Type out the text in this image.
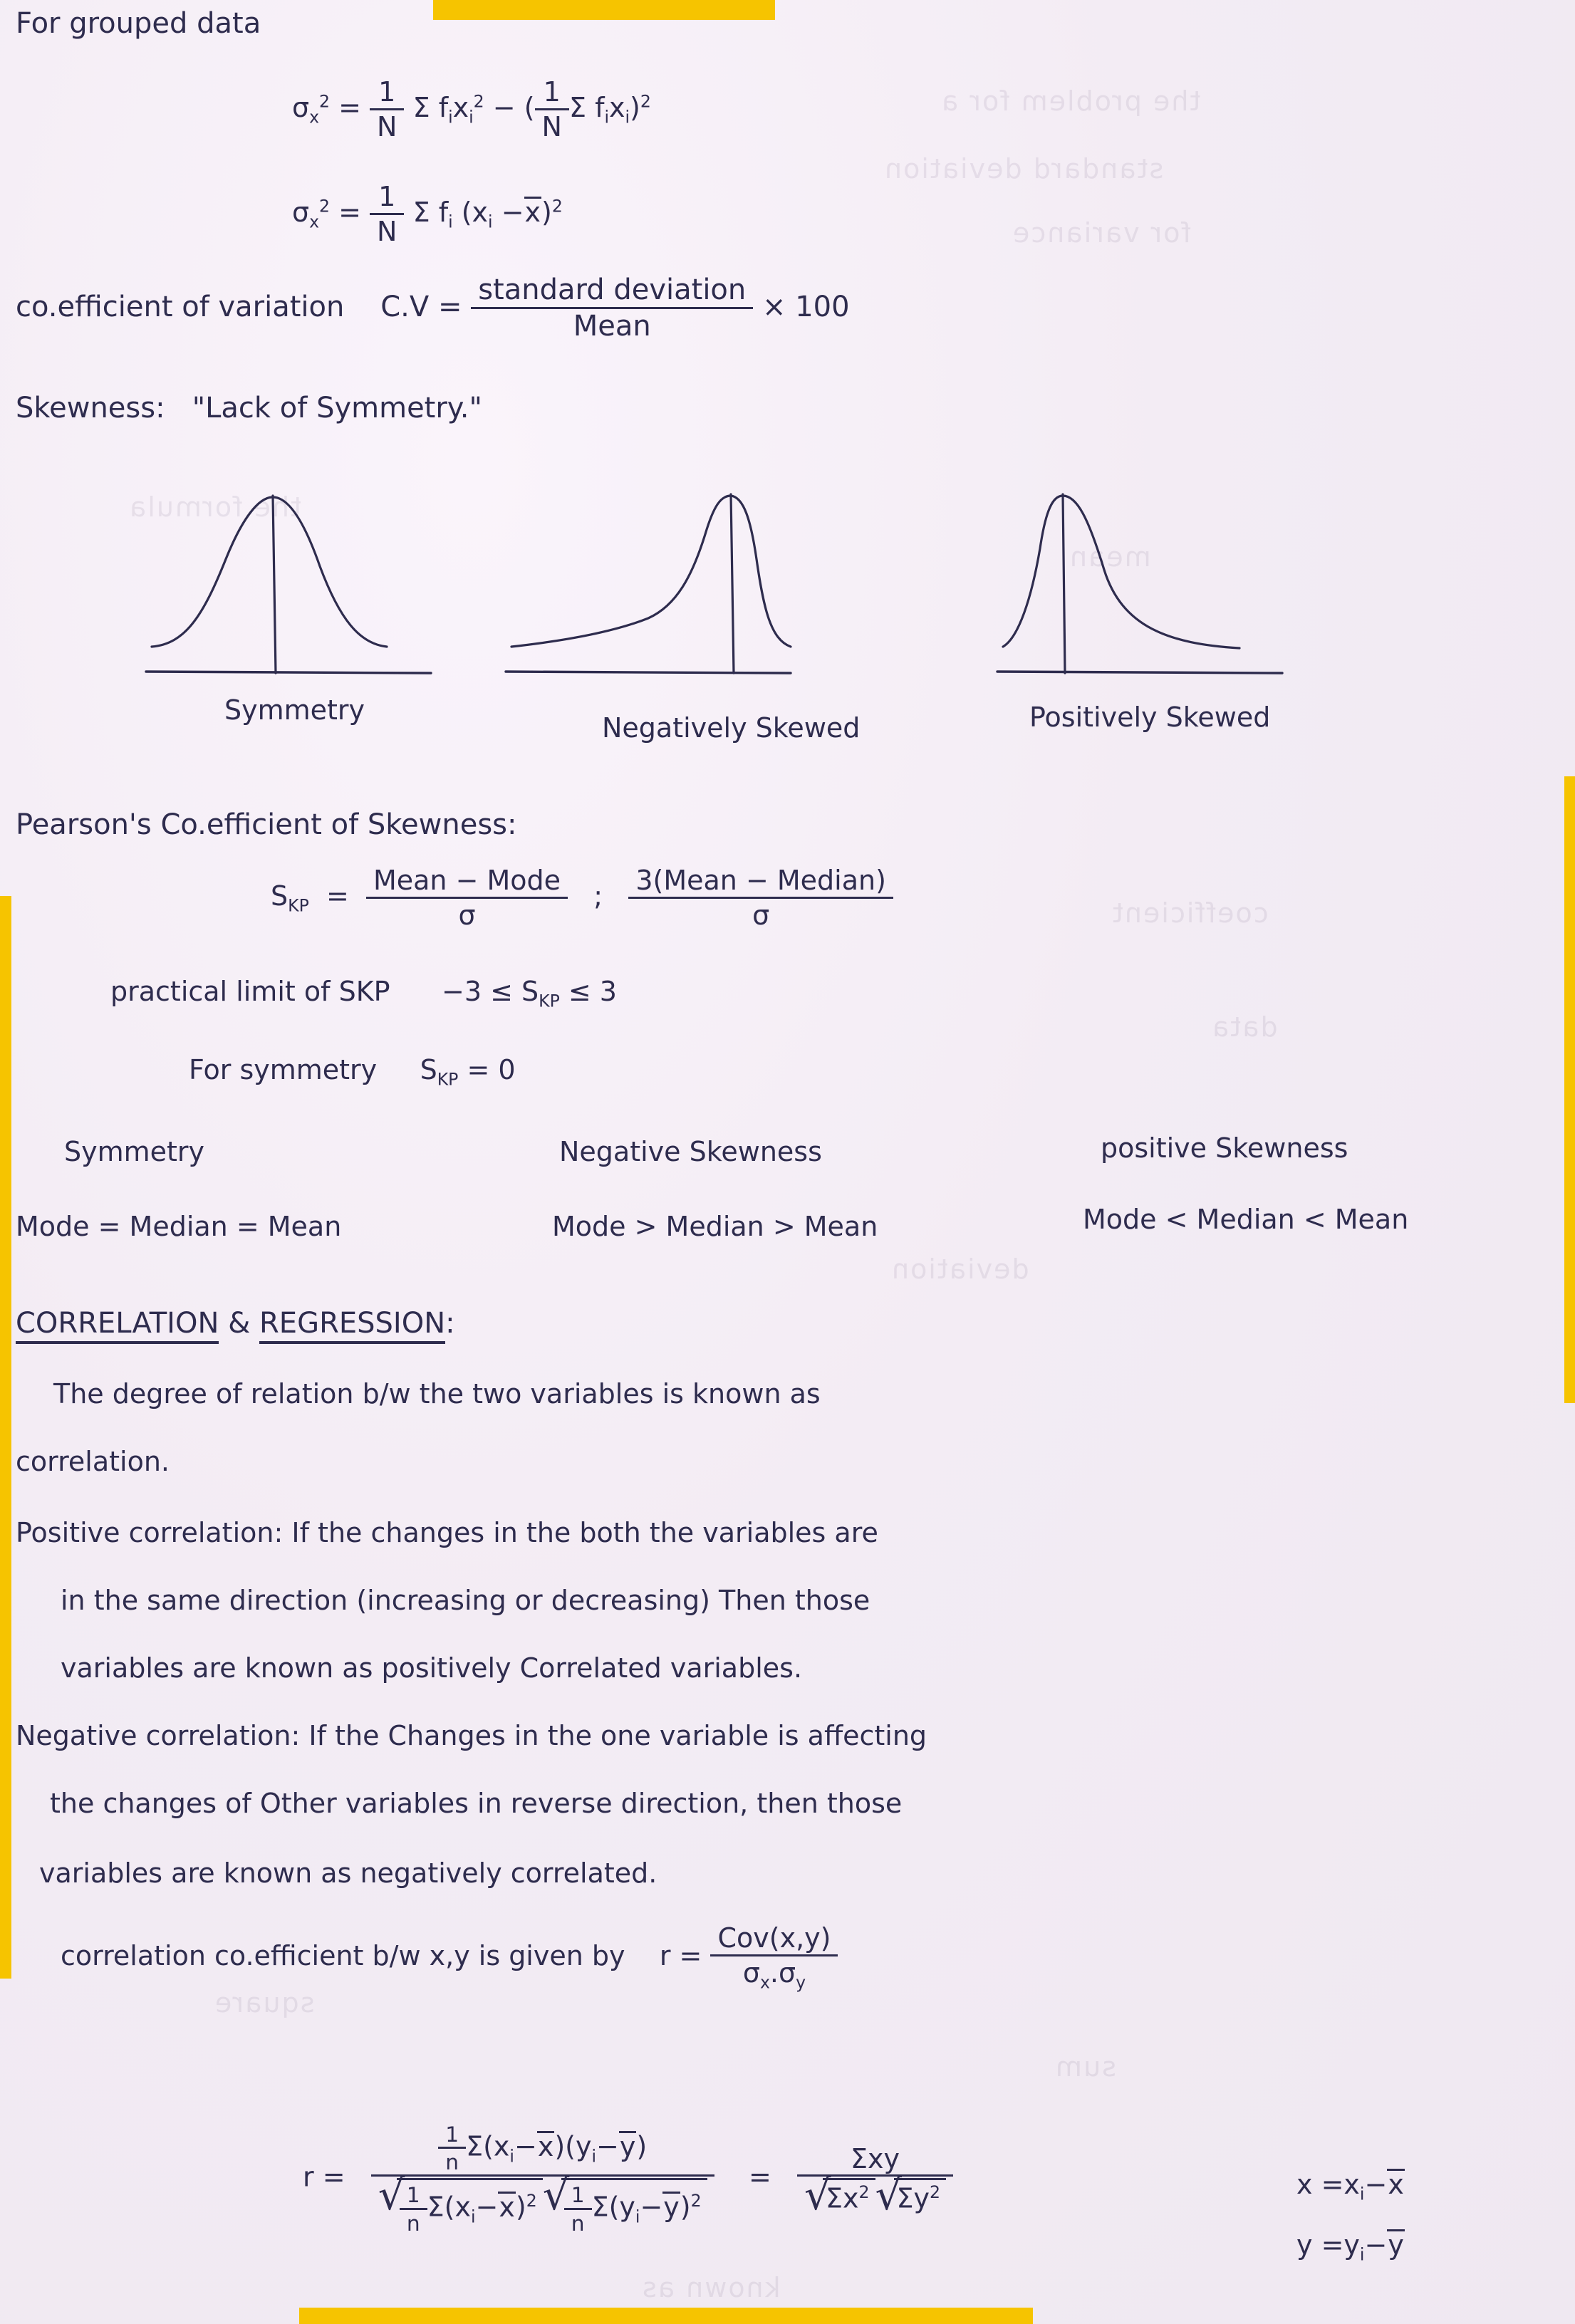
the problem for a
standard deviation
for variance
the formula
mean
coefficient
data
deviation
square
sum
known as
For grouped data
$\sigma_x^2 = \frac{1}{N}$ Σ $f_ix_i^2$ − ( $\frac{1}{N}$ Σ $f_ix_i)^2$
$\sigma_x^2 = \frac{1}{N}$ Σ $f_i$ $(x_i -x)^2$
co.efficient of variation $C.V = \frac{\text{standard deviation}}{\text{Mean}} \times 100$
Skewness: "Lack of Symmetry."
Symmetry
Negatively Skewed	Positively Skewed
Pearson's Co.efficient of Skewness:
$S_{KP} = \frac{\text{Mean − Mode}}{\sigma}$ ; $\frac{\text{3(Mean − Median)}}{\sigma}$
practical limit of SKP $-3 \le S_{KP} \le 3$
For symmetry $S_{KP} = 0$
Symmetry	Negative Skewness	positive Skewness
Mode = Median = Mean	Mode > Median > Mean	Mode < Median < Mean
CORRELATION & REGRESSION:
The degree of relation b/w the two variables is known as
correlation.
Positive correlation: If the changes in the both the variables are
in the same direction (increasing or decreasing) Then those
variables are known as positively Correlated variables.
Negative correlation: If the Changes in the one variable is affecting
the changes of Other variables in reverse direction, then those
variables are known as negatively correlated.
correlation co.efficient b/w x,y is given by $r = \frac{\text{Cov(x,y)}}{\sigma_x.\sigma_y}$
$r = \frac{1}{n} \Sigma(x_i-x)(y_i-y)$
√ $\frac{1}{n} \Sigma(x_i-x)^2$ √ $\frac{1}{n} \Sigma(y_i-y)^2 = \Sigma xy$
√ $\Sigma x^2$ √ $\Sigma y^2$	$x =x_i-x$
$y =y_i-y$
